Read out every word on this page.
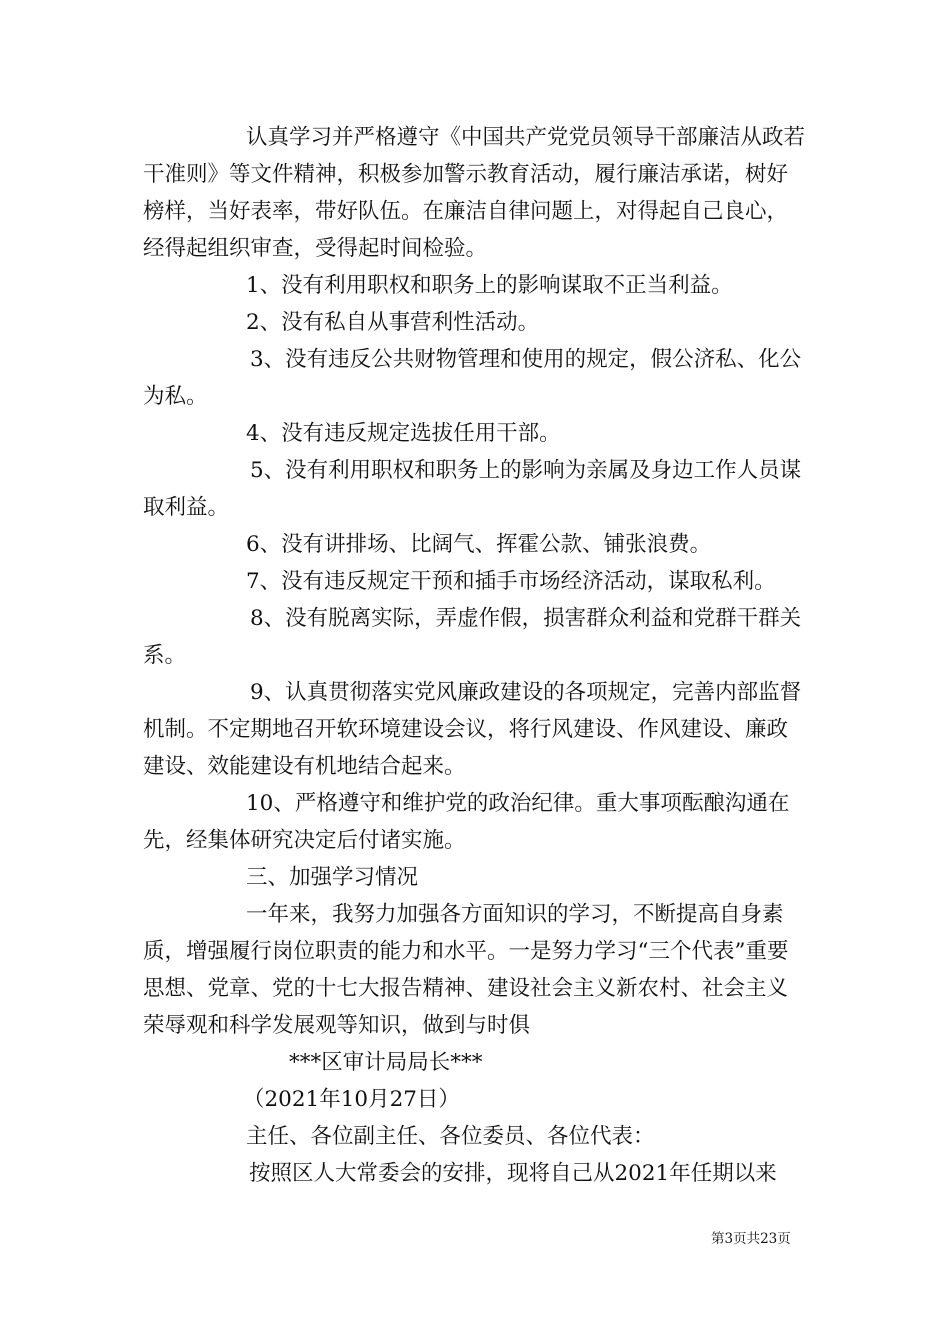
认真学习并严格遵守《中国共产党党员领导干部廉洁从政若干准则》等文件精神，积极参加警示教育活动，履行廉洁承诺，树好榜样，当好表率，带好队伍。在廉洁自律问题上，对得起自己良心，经得起组织审查，受得起时间检验。

1、没有利用职权和职务上的影响谋取不正当利益。

2、没有私自从事营利性活动。

3、没有违反公共财物管理和使用的规定，假公济私、化公为私。

4、没有违反规定选拔任用干部。

5、没有利用职权和职务上的影响为亲属及身边工作人员谋取利益。

6、没有讲排场、比阔气、挥霍公款、铺张浪费。

7、没有违反规定干预和插手市场经济活动，谋取私利。

8、没有脱离实际，弄虚作假，损害群众利益和党群干群关系。

9、认真贯彻落实党风廉政建设的各项规定，完善内部监督机制。不定期地召开软环境建设会议，将行风建设、作风建设、廉政建设、效能建设有机地结合起来。

10、严格遵守和维护党的政治纪律。重大事项酝酿沟通在先，经集体研究决定后付诸实施。

三、加强学习情况

一年来，我努力加强各方面知识的学习，不断提高自身素质，增强履行岗位职责的能力和水平。一是努力学习“三个代表”重要思想、党章、党的十七大报告精神、建设社会主义新农村、社会主义荣辱观和科学发展观等知识，做到与时俱

***区审计局局长***

（2021年10月27日）

主任、各位副主任、各位委员、各位代表：

按照区人大常委会的安排，现将自己从2021年任期以来

第3页共23页
